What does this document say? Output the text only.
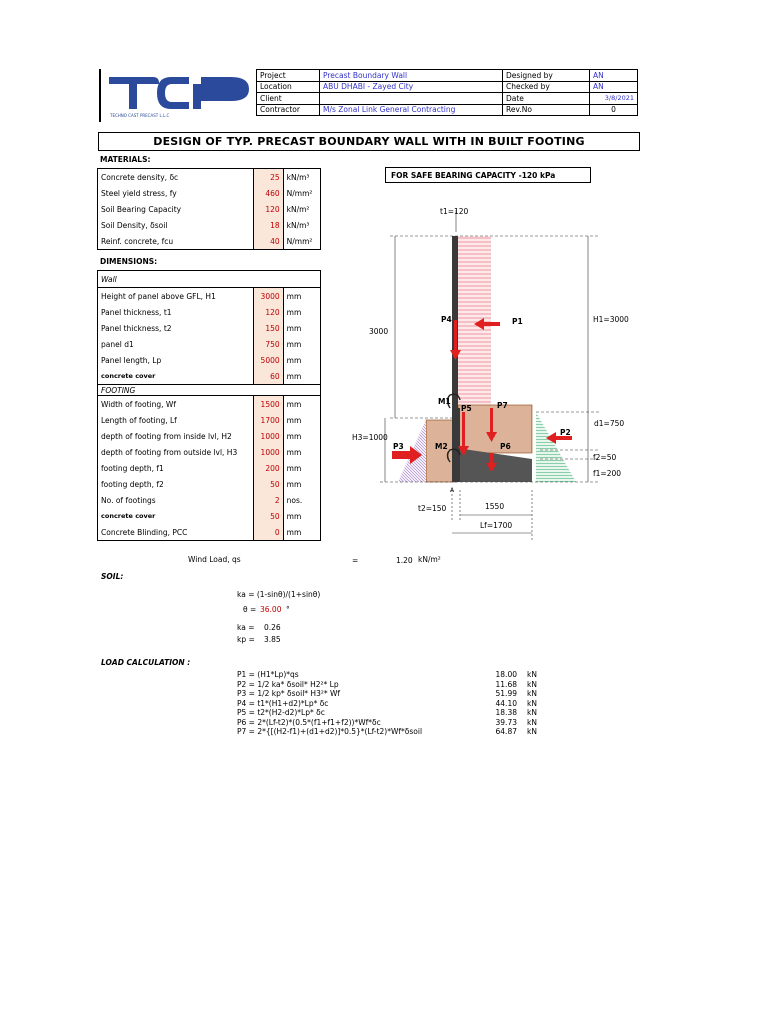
TECHNO CAST PRECAST L.L.C
Project	Precast Boundary Wall	Designed by	AN
Location	ABU DHABI - Zayed City	Checked by	AN
Client		Date	3/8/2021
Contractor	M/s Zonal Link General Contracting	Rev.No	0
DESIGN OF TYP. PRECAST BOUNDARY WALL WITH IN BUILT FOOTING
MATERIALS:
Concrete density, δc	25	kN/m³
Steel yield stress, fy	460	N/mm²
Soil Bearing Capacity	120	kN/m²
Soil Density, δsoil	18	kN/m³
Reinf. concrete, fcu	40	N/mm²
FOR SAFE BEARING CAPACITY -120 kPa
DIMENSIONS:
Wall		
Height of panel above GFL, H1	3000	mm
Panel thickness, t1	120	mm
Panel thickness, t2	150	mm
panel d1	750	mm
Panel length, Lp	5000	mm
concrete cover	60	mm
FOOTING		
Width of footing, Wf	1500	mm
Length of footing, Lf	1700	mm
depth of footing from inside lvl, H2	1000	mm
depth of footing from outside lvl, H3	1000	mm
footing depth, f1	200	mm
footing depth, f2	50	mm
No. of footings	2	nos.
concrete cover	50	mm
Concrete Blinding, PCC	0	mm
Wind Load, qs	=	1.20 kN/m²
SOIL:
ka = (1-sinθ)/(1+sinθ)
θ = 36.00 °
ka = 0.26
kp = 3.85
LOAD CALCULATION :
P1 = (H1*Lp)*qs	18.00	kN
P2 = 1/2 ka* δsoil* H2²* Lp	11.68	kN
P3 = 1/2 kp* δsoil* H3²* Wf	51.99	kN
P4 = t1*(H1+d2)*Lp* δc	44.10	kN
P5 = t2*(H2-d2)*Lp* δc	18.38	kN
P6 = 2*(Lf-t2)*(0.5*(f1+f1+f2))*Wf*δc	39.73	kN
P7 = 2*{[(H2-f1)+(d1+d2)]*0.5}*(Lf-t2)*Wf*δsoil	64.87	kN
t1=120
3000
H1=3000
P4	P1
M1
P5	P7
P2
d1=750
H3=1000
P3	M2	P6
f2=50
f1=200
A
t2=150	1550
Lf=1700
